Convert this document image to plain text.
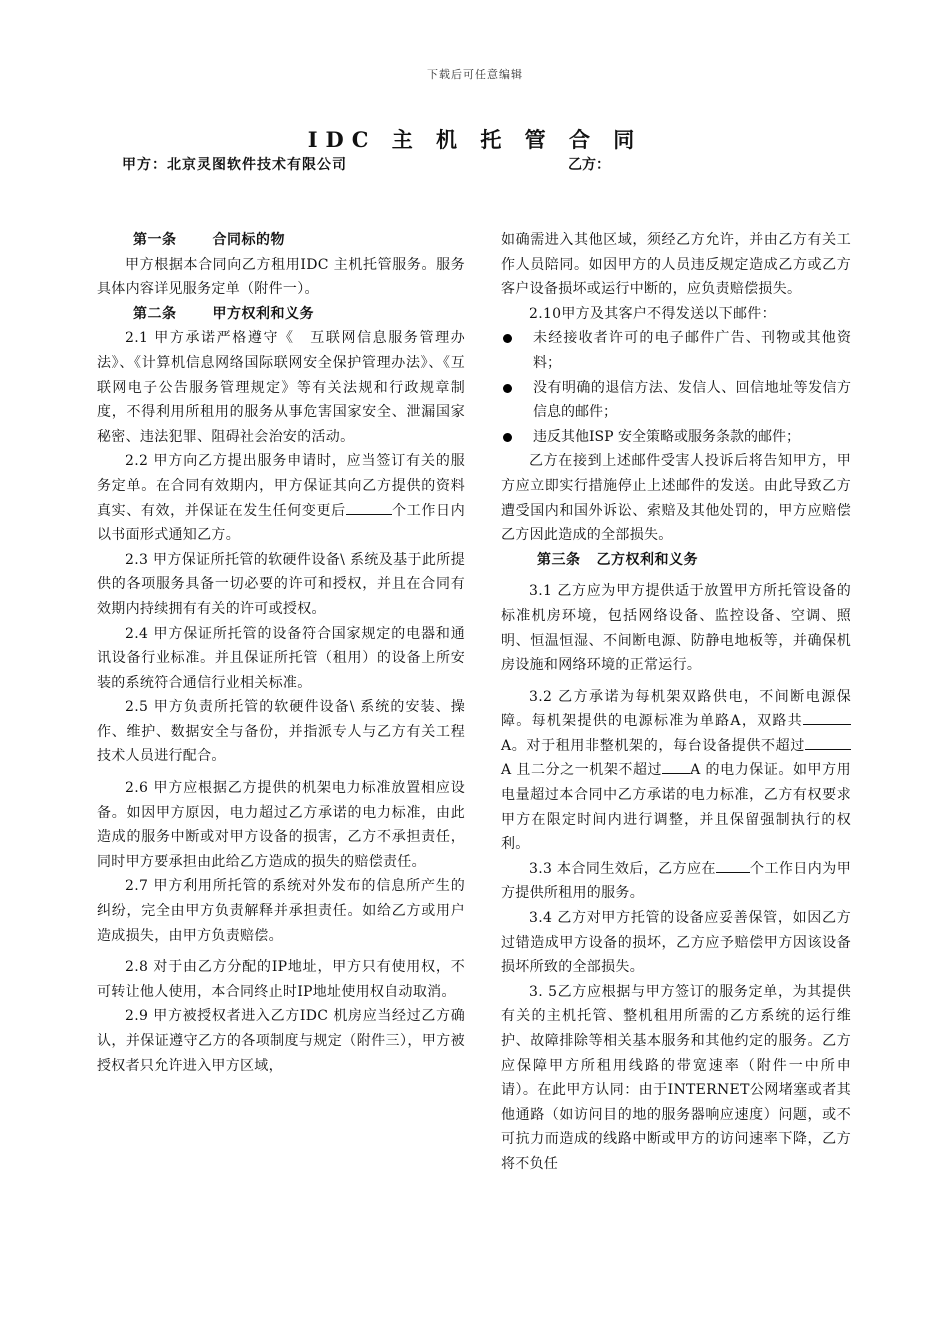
下载后可任意编辑
IDC 主 机 托 管 合 同
甲方：北京灵图软件技术有限公司	乙方：

第一条	合同标的物

甲方根据本合同向乙方租用IDC 主机托管服务。服务具体内容详见服务定单（附件一）。

第二条	甲方权利和义务

2.1 甲方承诺严格遵守《　互联网信息服务管理办法》、《计算机信息网络国际联网安全保护管理办法》、《互联网电子公告服务管理规定》等有关法规和行政规章制度，不得利用所租用的服务从事危害国家安全、泄漏国家秘密、违法犯罪、阻碍社会治安的活动。

2.2 甲方向乙方提出服务申请时，应当签订有关的服务定单。在合同有效期内，甲方保证其向乙方提供的资料真实、有效，并保证在发生任何变更后	个工作日内以书面形式通知乙方。

2.3 甲方保证所托管的软硬件设备\ 系统及基于此所提供的各项服务具备一切必要的许可和授权，并且在合同有效期内持续拥有有关的许可或授权。

2.4 甲方保证所托管的设备符合国家规定的电器和通讯设备行业标准。并且保证所托管（租用）的设备上所安装的系统符合通信行业相关标准。

2.5 甲方负责所托管的软硬件设备\ 系统的安装、操作、维护、数据安全与备份，并指派专人与乙方有关工程技术人员进行配合。

2.6 甲方应根据乙方提供的机架电力标准放置相应设备。如因甲方原因，电力超过乙方承诺的电力标准，由此造成的服务中断或对甲方设备的损害，乙方不承担责任，同时甲方要承担由此给乙方造成的损失的赔偿责任。

2.7 甲方利用所托管的系统对外发布的信息所产生的纠纷，完全由甲方负责解释并承担责任。如给乙方或用户造成损失，由甲方负责赔偿。

2.8 对于由乙方分配的IP地址，甲方只有使用权，不可转让他人使用，本合同终止时IP地址使用权自动取消。

2.9 甲方被授权者进入乙方IDC 机房应当经过乙方确认，并保证遵守乙方的各项制度与规定（附件三），甲方被授权者只允许进入甲方区域，

如确需进入其他区域，须经乙方允许，并由乙方有关工作人员陪同。如因甲方的人员违反规定造成乙方或乙方客户设备损坏或运行中断的，应负责赔偿损失。

2.10甲方及其客户不得发送以下邮件：

未经接收者许可的电子邮件广告、刊物或其他资料；
没有明确的退信方法、发信人、回信地址等发信方信息的邮件；
违反其他ISP 安全策略或服务条款的邮件；

乙方在接到上述邮件受害人投诉后将告知甲方，甲方应立即实行措施停止上述邮件的发送。由此导致乙方遭受国内和国外诉讼、索赔及其他处罚的，甲方应赔偿乙方因此造成的全部损失。

第三条 乙方权利和义务

3.1 乙方应为甲方提供适于放置甲方所托管设备的标准机房环境，包括网络设备、监控设备、空调、照明、恒温恒湿、不间断电源、防静电地板等，并确保机房设施和网络环境的正常运行。

3.2 乙方承诺为每机架双路供电，不间断电源保障。每机架提供的电源标准为单路A，双路共A。对于租用非整机架的，每台设备提供不超过A 且二分之一机架不超过 A 的电力保证。如甲方用电量超过本合同中乙方承诺的电力标准，乙方有权要求甲方在限定时间内进行调整，并且保留强制执行的权利。

3.3 本合同生效后，乙方应在 个工作日内为甲方提供所租用的服务。

3.4 乙方对甲方托管的设备应妥善保管，如因乙方过错造成甲方设备的损坏，乙方应予赔偿甲方因该设备损坏所致的全部损失。

3. 5乙方应根据与甲方签订的服务定单，为其提供有关的主机托管、整机租用所需的乙方系统的运行维护、故障排除等相关基本服务和其他约定的服务。乙方应保障甲方所租用线路的带宽速率（附件一中所申请）。在此甲方认同：由于INTERNET公网堵塞或者其他通路（如访问目的地的服务器响应速度）问题，或不可抗力而造成的线路中断或甲方的访问速率下降，乙方将不负任
